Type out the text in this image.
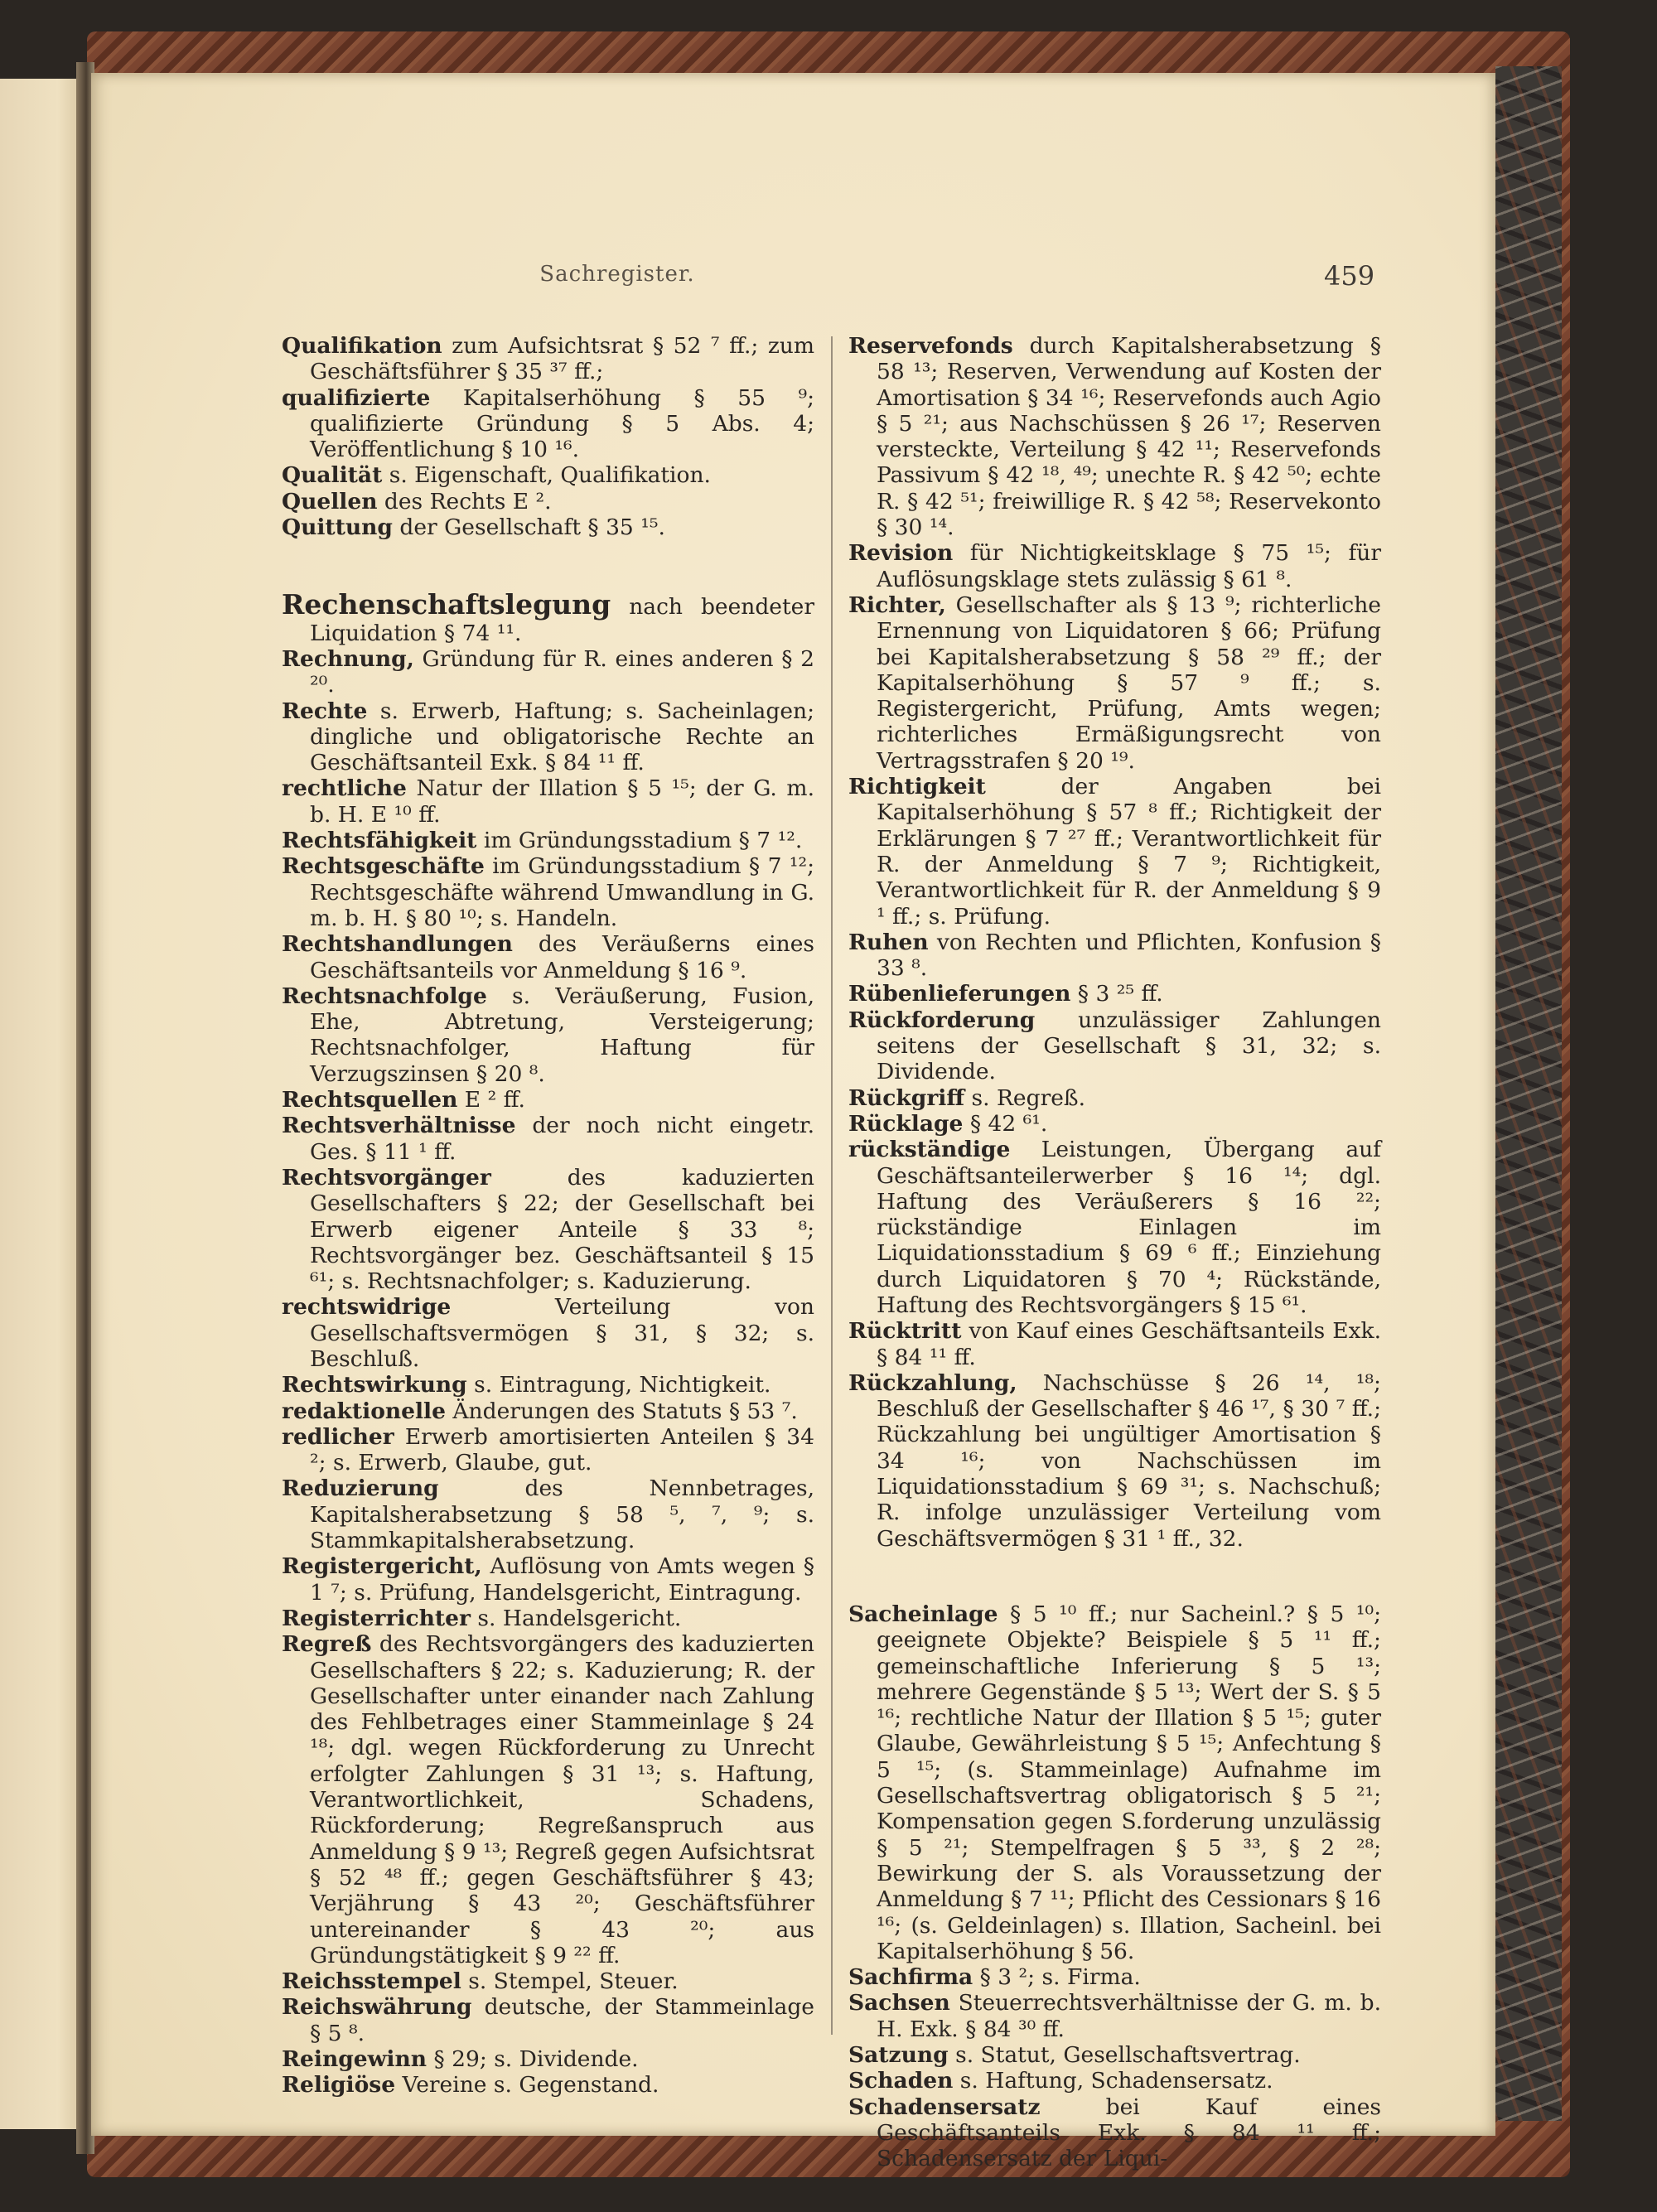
Sachregister.	459

Qualifikation zum Aufsichtsrat § 52 ⁷ ff.; zum Geschäftsführer § 35 ³⁷ ff.;

qualifizierte Kapitalserhöhung § 55 ⁹; qualifizierte Gründung § 5 Abs. 4; Veröffentlichung § 10 ¹⁶.

Qualität s. Eigenschaft, Qualifikation.

Quellen des Rechts E ².

Quittung der Gesellschaft § 35 ¹⁵.

Rechenschaftslegung nach beendeter Liquidation § 74 ¹¹.

Rechnung, Gründung für R. eines anderen § 2 ²⁰.

Rechte s. Erwerb, Haftung; s. Sacheinlagen; dingliche und obligatorische Rechte an Geschäftsanteil Exk. § 84 ¹¹ ff.

rechtliche Natur der Illation § 5 ¹⁵; der G. m. b. H. E ¹⁰ ff.

Rechtsfähigkeit im Gründungsstadium § 7 ¹².

Rechtsgeschäfte im Gründungsstadium § 7 ¹²; Rechtsgeschäfte während Umwandlung in G. m. b. H. § 80 ¹⁰; s. Handeln.

Rechtshandlungen des Veräußerns eines Geschäftsanteils vor Anmeldung § 16 ⁹.

Rechtsnachfolge s. Veräußerung, Fusion, Ehe, Abtretung, Versteigerung; Rechtsnachfolger, Haftung für Verzugszinsen § 20 ⁸.

Rechtsquellen E ² ff.

Rechtsverhältnisse der noch nicht eingetr. Ges. § 11 ¹ ff.

Rechtsvorgänger des kaduzierten Gesellschafters § 22; der Gesellschaft bei Erwerb eigener Anteile § 33 ⁸; Rechtsvorgänger bez. Geschäftsanteil § 15 ⁶¹; s. Rechtsnachfolger; s. Kaduzierung.

rechtswidrige Verteilung von Gesellschaftsvermögen § 31, § 32; s. Beschluß.

Rechtswirkung s. Eintragung, Nichtigkeit.

redaktionelle Änderungen des Statuts § 53 ⁷.

redlicher Erwerb amortisierten Anteilen § 34 ²; s. Erwerb, Glaube, gut.

Reduzierung des Nennbetrages, Kapitalsherabsetzung § 58 ⁵, ⁷, ⁹; s. Stammkapitalsherabsetzung.

Registergericht, Auflösung von Amts wegen § 1 ⁷; s. Prüfung, Handelsgericht, Eintragung.

Registerrichter s. Handelsgericht.

Regreß des Rechtsvorgängers des kaduzierten Gesellschafters § 22; s. Kaduzierung; R. der Gesellschafter unter einander nach Zahlung des Fehlbetrages einer Stammeinlage § 24 ¹⁸; dgl. wegen Rückforderung zu Unrecht erfolgter Zahlungen § 31 ¹³; s. Haftung, Verantwortlichkeit, Schadens, Rückforderung; Regreßanspruch aus Anmeldung § 9 ¹³; Regreß gegen Aufsichtsrat § 52 ⁴⁸ ff.; gegen Geschäftsführer § 43; Verjährung § 43 ²⁰; Geschäftsführer untereinander § 43 ²⁰; aus Gründungstätigkeit § 9 ²² ff.

Reichsstempel s. Stempel, Steuer.

Reichswährung deutsche, der Stammeinlage § 5 ⁸.

Reingewinn § 29; s. Dividende.

Religiöse Vereine s. Gegenstand.

Reservefonds durch Kapitalsherabsetzung § 58 ¹³; Reserven, Verwendung auf Kosten der Amortisation § 34 ¹⁶; Reservefonds auch Agio § 5 ²¹; aus Nachschüssen § 26 ¹⁷; Reserven versteckte, Verteilung § 42 ¹¹; Reservefonds Passivum § 42 ¹⁸, ⁴⁹; unechte R. § 42 ⁵⁰; echte R. § 42 ⁵¹; freiwillige R. § 42 ⁵⁸; Reservekonto § 30 ¹⁴.

Revision für Nichtigkeitsklage § 75 ¹⁵; für Auflösungsklage stets zulässig § 61 ⁸.

Richter, Gesellschafter als § 13 ⁹; richterliche Ernennung von Liquidatoren § 66; Prüfung bei Kapitalsherabsetzung § 58 ²⁹ ff.; der Kapitalserhöhung § 57 ⁹ ff.; s. Registergericht, Prüfung, Amts wegen; richterliches Ermäßigungsrecht von Vertragsstrafen § 20 ¹⁹.

Richtigkeit der Angaben bei Kapitalserhöhung § 57 ⁸ ff.; Richtigkeit der Erklärungen § 7 ²⁷ ff.; Verantwortlichkeit für R. der Anmeldung § 7 ⁹; Richtigkeit, Verantwortlichkeit für R. der Anmeldung § 9 ¹ ff.; s. Prüfung.

Ruhen von Rechten und Pflichten, Konfusion § 33 ⁸.

Rübenlieferungen § 3 ²⁵ ff.

Rückforderung unzulässiger Zahlungen seitens der Gesellschaft § 31, 32; s. Dividende.

Rückgriff s. Regreß.

Rücklage § 42 ⁶¹.

rückständige Leistungen, Übergang auf Geschäftsanteilerwerber § 16 ¹⁴; dgl. Haftung des Veräußerers § 16 ²²; rückständige Einlagen im Liquidationsstadium § 69 ⁶ ff.; Einziehung durch Liquidatoren § 70 ⁴; Rückstände, Haftung des Rechtsvorgängers § 15 ⁶¹.

Rücktritt von Kauf eines Geschäftsanteils Exk. § 84 ¹¹ ff.

Rückzahlung, Nachschüsse § 26 ¹⁴, ¹⁸; Beschluß der Gesellschafter § 46 ¹⁷, § 30 ⁷ ff.; Rückzahlung bei ungültiger Amortisation § 34 ¹⁶; von Nachschüssen im Liquidationsstadium § 69 ³¹; s. Nachschuß; R. infolge unzulässiger Verteilung vom Geschäftsvermögen § 31 ¹ ff., 32.

Sacheinlage § 5 ¹⁰ ff.; nur Sacheinl.? § 5 ¹⁰; geeignete Objekte? Beispiele § 5 ¹¹ ff.; gemeinschaftliche Inferierung § 5 ¹³; mehrere Gegenstände § 5 ¹³; Wert der S. § 5 ¹⁶; rechtliche Natur der Illation § 5 ¹⁵; guter Glaube, Gewährleistung § 5 ¹⁵; Anfechtung § 5 ¹⁵; (s. Stammeinlage) Aufnahme im Gesellschaftsvertrag obligatorisch § 5 ²¹; Kompensation gegen S.forderung unzulässig § 5 ²¹; Stempelfragen § 5 ³³, § 2 ²⁸; Bewirkung der S. als Voraussetzung der Anmeldung § 7 ¹¹; Pflicht des Cessionars § 16 ¹⁶; (s. Geldeinlagen) s. Illation, Sacheinl. bei Kapitalserhöhung § 56.

Sachfirma § 3 ²; s. Firma.

Sachsen Steuerrechtsverhältnisse der G. m. b. H. Exk. § 84 ³⁰ ff.

Satzung s. Statut, Gesellschaftsvertrag.

Schaden s. Haftung, Schadensersatz.

Schadensersatz bei Kauf eines Geschäftsanteils Exk. § 84 ¹¹ ff.; Schadensersatz der Liqui-
